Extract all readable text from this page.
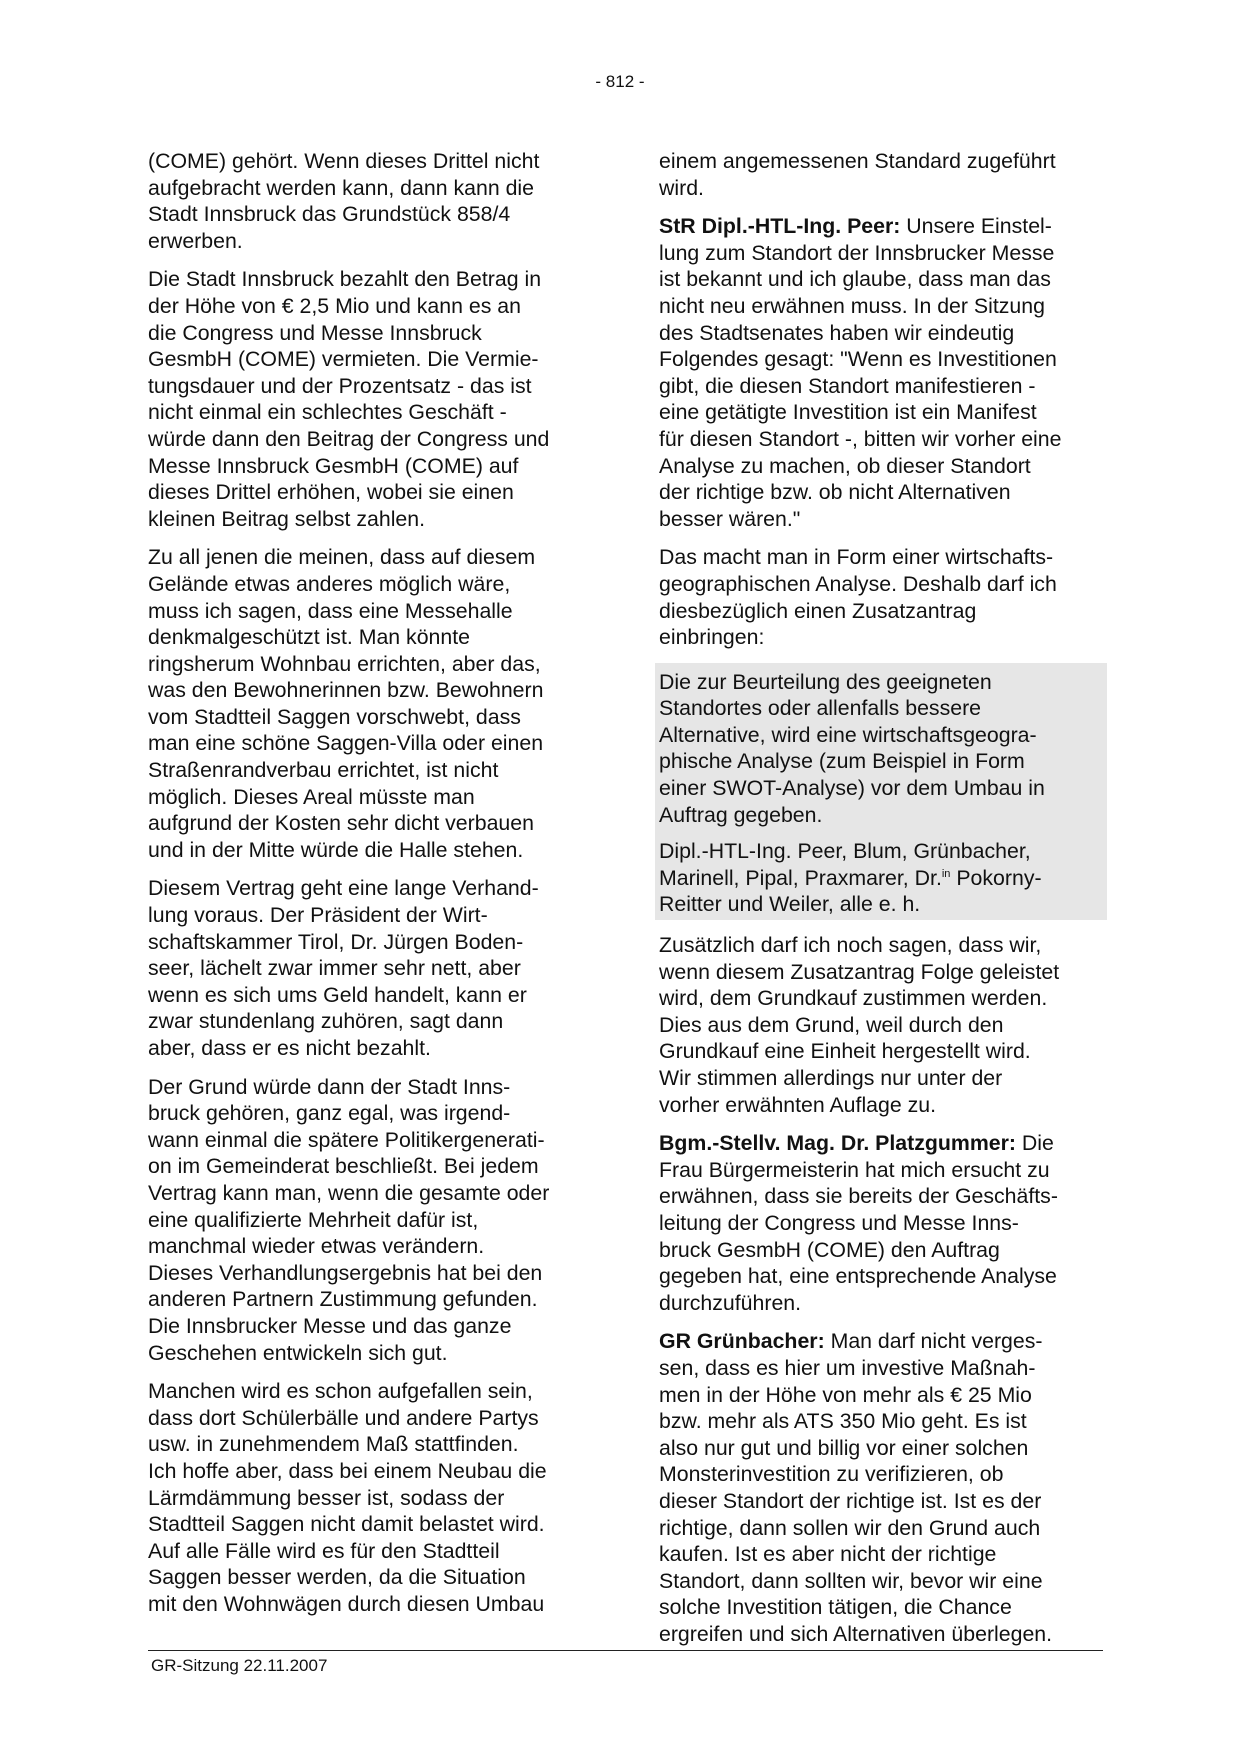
- 812 -

(COME) gehört. Wenn dieses Drittel nicht
aufgebracht werden kann, dann kann die
Stadt Innsbruck das Grundstück 858/4
erwerben.

Die Stadt Innsbruck bezahlt den Betrag in
der Höhe von € 2,5 Mio und kann es an
die Congress und Messe Innsbruck
GesmbH (COME) vermieten. Die Vermie-
tungsdauer und der Prozentsatz - das ist
nicht einmal ein schlechtes Geschäft -
würde dann den Beitrag der Congress und
Messe Innsbruck GesmbH (COME) auf
dieses Drittel erhöhen, wobei sie einen
kleinen Beitrag selbst zahlen.

Zu all jenen die meinen, dass auf diesem
Gelände etwas anderes möglich wäre,
muss ich sagen, dass eine Messehalle
denkmalgeschützt ist. Man könnte
ringsherum Wohnbau errichten, aber das,
was den Bewohnerinnen bzw. Bewohnern
vom Stadtteil Saggen vorschwebt, dass
man eine schöne Saggen-Villa oder einen
Straßenrandverbau errichtet, ist nicht
möglich. Dieses Areal müsste man
aufgrund der Kosten sehr dicht verbauen
und in der Mitte würde die Halle stehen.

Diesem Vertrag geht eine lange Verhand-
lung voraus. Der Präsident der Wirt-
schaftskammer Tirol, Dr. Jürgen Boden-
seer, lächelt zwar immer sehr nett, aber
wenn es sich ums Geld handelt, kann er
zwar stundenlang zuhören, sagt dann
aber, dass er es nicht bezahlt.

Der Grund würde dann der Stadt Inns-
bruck gehören, ganz egal, was irgend-
wann einmal die spätere Politikergenerati-
on im Gemeinderat beschließt. Bei jedem
Vertrag kann man, wenn die gesamte oder
eine qualifizierte Mehrheit dafür ist,
manchmal wieder etwas verändern.
Dieses Verhandlungsergebnis hat bei den
anderen Partnern Zustimmung gefunden.
Die Innsbrucker Messe und das ganze
Geschehen entwickeln sich gut.

Manchen wird es schon aufgefallen sein,
dass dort Schülerbälle und andere Partys
usw. in zunehmendem Maß stattfinden.
Ich hoffe aber, dass bei einem Neubau die
Lärmdämmung besser ist, sodass der
Stadtteil Saggen nicht damit belastet wird.
Auf alle Fälle wird es für den Stadtteil
Saggen besser werden, da die Situation
mit den Wohnwägen durch diesen Umbau

einem angemessenen Standard zugeführt
wird.

StR Dipl.-HTL-Ing. Peer: Unsere Einstel-
lung zum Standort der Innsbrucker Messe
ist bekannt und ich glaube, dass man das
nicht neu erwähnen muss. In der Sitzung
des Stadtsenates haben wir eindeutig
Folgendes gesagt: "Wenn es Investitionen
gibt, die diesen Standort manifestieren -
eine getätigte Investition ist ein Manifest
für diesen Standort -, bitten wir vorher eine
Analyse zu machen, ob dieser Standort
der richtige bzw. ob nicht Alternativen
besser wären."

Das macht man in Form einer wirtschafts-
geographischen Analyse. Deshalb darf ich
diesbezüglich einen Zusatzantrag
einbringen:

Die zur Beurteilung des geeigneten
Standortes oder allenfalls bessere
Alternative, wird eine wirtschaftsgeogra-
phische Analyse (zum Beispiel in Form
einer SWOT-Analyse) vor dem Umbau in
Auftrag gegeben.

Dipl.-HTL-Ing. Peer, Blum, Grünbacher,
Marinell, Pipal, Praxmarer, Dr.$^{in}$ Pokorny-
Reitter und Weiler, alle e. h.

Zusätzlich darf ich noch sagen, dass wir,
wenn diesem Zusatzantrag Folge geleistet
wird, dem Grundkauf zustimmen werden.
Dies aus dem Grund, weil durch den
Grundkauf eine Einheit hergestellt wird.
Wir stimmen allerdings nur unter der
vorher erwähnten Auflage zu.

Bgm.-Stellv. Mag. Dr. Platzgummer: Die
Frau Bürgermeisterin hat mich ersucht zu
erwähnen, dass sie bereits der Geschäfts-
leitung der Congress und Messe Inns-
bruck GesmbH (COME) den Auftrag
gegeben hat, eine entsprechende Analyse
durchzuführen.

GR Grünbacher: Man darf nicht verges-
sen, dass es hier um investive Maßnah-
men in der Höhe von mehr als € 25 Mio
bzw. mehr als ATS 350 Mio geht. Es ist
also nur gut und billig vor einer solchen
Monsterinvestition zu verifizieren, ob
dieser Standort der richtige ist. Ist es der
richtige, dann sollen wir den Grund auch
kaufen. Ist es aber nicht der richtige
Standort, dann sollten wir, bevor wir eine
solche Investition tätigen, die Chance
ergreifen und sich Alternativen überlegen.

GR-Sitzung 22.11.2007
